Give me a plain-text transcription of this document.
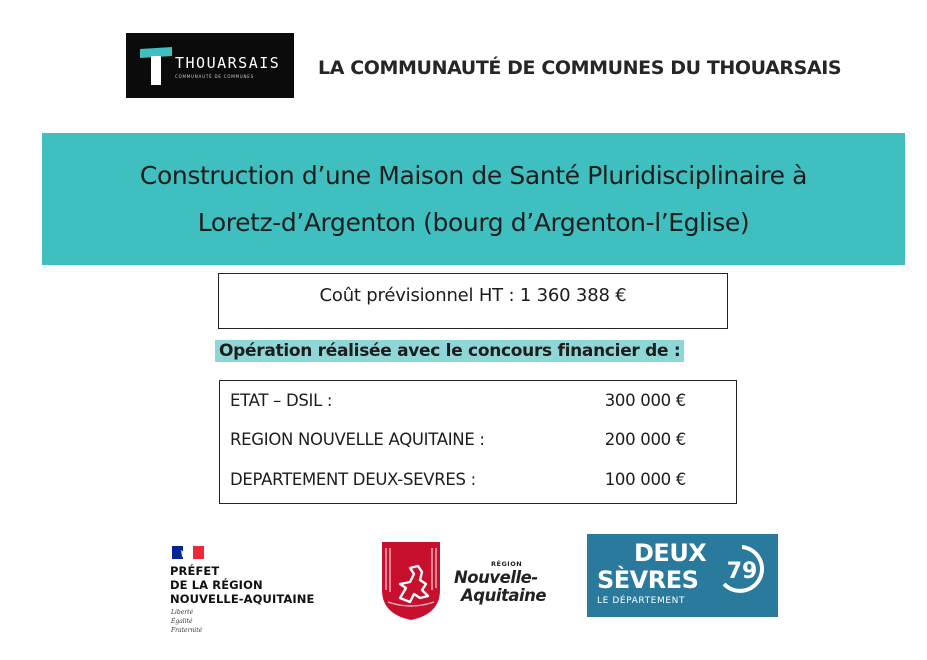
THOUARSAIS
COMMUNAUTÉ DE COMMUNES	LA COMMUNAUTÉ DE COMMUNES DU THOUARSAIS
Construction d’une Maison de Santé Pluridisciplinaire à
Loretz-d’Argenton (bourg d’Argenton-l’Eglise)
Coût prévisionnel HT : 1 360 388 €
Opération réalisée avec le concours financier de :
ETAT – DSIL :	300 000 €
REGION NOUVELLE AQUITAINE :	200 000 €
DEPARTEMENT DEUX-SEVRES :	100 000 €
PRÉFET
DE LA RÉGION
NOUVELLE-AQUITAINE
Liberté
Égalité
Fraternité
RÉGION
Nouvelle-
Aquitaine
DEUX
SÈVRES
LE DÉPARTEMENT
79
